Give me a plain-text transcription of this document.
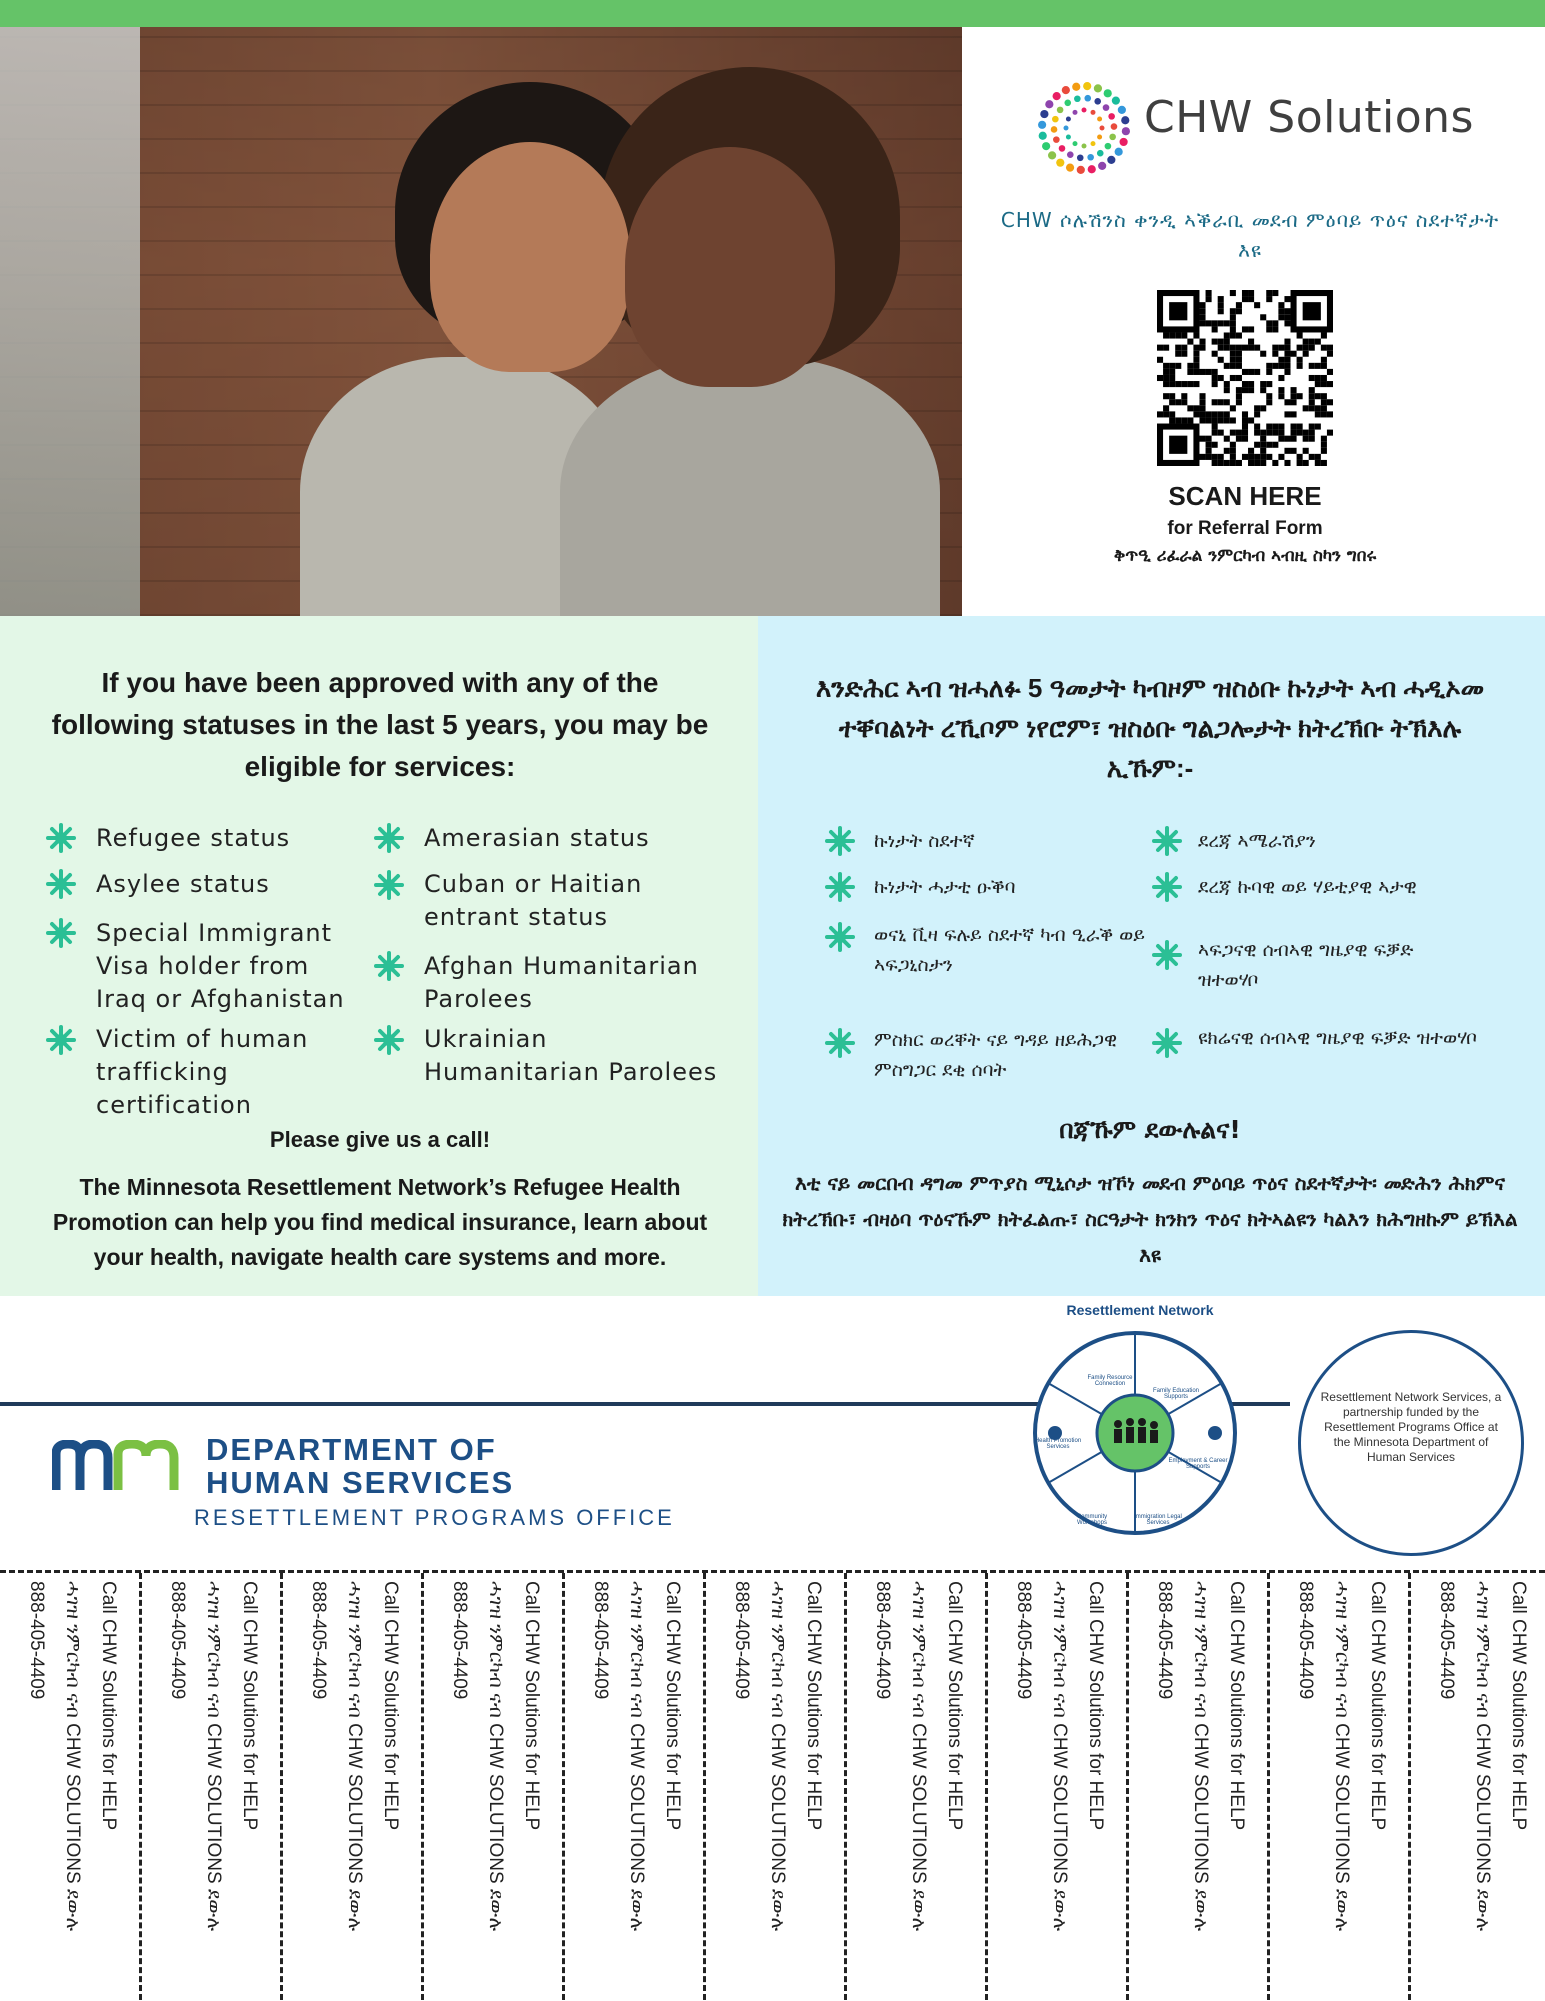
CHW Solutions
CHW ሶሉሽንስ ቀንዲ ኣቕራቢ መደብ ምዕባይ ጥዕና ስደተኛታት እዩ
SCAN HERE
for Referral Form
ቅጥዒ ሪፈራል ንምርካብ ኣብዚ ስካን ግበሩ
If you have been approved with any of the following statuses in the last 5 years, you may be eligible for services:
እንድሕር ኣብ ዝሓለፉ 5 ዓመታት ካብዞም ዝስዕቡ ኩነታት ኣብ ሓዲኦመ ተቐባልነት ረኺቦም ነየሮም፣ ዝስዕቡ ግልጋሎታት ክትረኽቡ ትኽእሉ ኢኹም:-
Refugee status
Asylee status
Special Immigrant Visa holder from Iraq or Afghanistan
Victim of human trafficking certification
Amerasian status
Cuban or Haitian entrant status
Afghan Humanitarian Parolees
Ukrainian Humanitarian Parolees
ኩነታት ስደተኛ
ኩነታት ሓታቲ ዑቕባ
ወናኒ ቪዛ ፍሉይ ስደተኛ ካብ ዒራቕ ወይ ኣፍጋኒስታን
ምስክር ወረቐት ናይ ግዳይ ዘይሕጋዊ ምስግጋር ደቂ ሰባት
ደረጃ ኣሜራሽያን
ደረጃ ኩባዊ ወይ ሃይቲያዊ ኣታዊ
ኣፍጋናዊ ሰብኣዊ ግዜያዊ ፍቓድ ዝተወሃቦ
ዩክሬናዊ ሰብኣዊ ግዜያዊ ፍቓድ ዝተወሃቦ
Please give us a call!
The Minnesota Resettlement Network’s Refugee Health Promotion can help you find medical insurance, learn about your health, navigate health care systems and more.
በጃኹም ደውሉልና!
እቲ ናይ መርበብ ዳግመ ምጥያስ ሚኒሶታ ዝኾነ መደብ ምዕባይ ጥዕና ስደተኛታት፡ መድሕን ሕክምና ክትረኽቡ፣ ብዛዕባ ጥዕናኹም ክትፈልጡ፣ ስርዓታት ክንክን ጥዕና ክትኣልዩን ካልእን ክሕግዘኩም ይኽእል እዩ
DEPARTMENT OF
HUMAN SERVICES
RESETTLEMENT PROGRAMS OFFICE
Resettlement Network
Family Resource Connection
Family Education Supports
Employment & Career Supports
Immigration Legal Services
Community Workshops
Health Promotion Services
Resettlement Network Services, a partnership funded by the Resettlement Programs Office at the Minnesota Department of Human Services
Call CHW Solutions for HELP
ሓገዝ ንምርካብ ናብ CHW SOLUTIONS ደውሉ
888-405-4409	Call CHW Solutions for HELP
ሓገዝ ንምርካብ ናብ CHW SOLUTIONS ደውሉ
888-405-4409	Call CHW Solutions for HELP
ሓገዝ ንምርካብ ናብ CHW SOLUTIONS ደውሉ
888-405-4409	Call CHW Solutions for HELP
ሓገዝ ንምርካብ ናብ CHW SOLUTIONS ደውሉ
888-405-4409	Call CHW Solutions for HELP
ሓገዝ ንምርካብ ናብ CHW SOLUTIONS ደውሉ
888-405-4409	Call CHW Solutions for HELP
ሓገዝ ንምርካብ ናብ CHW SOLUTIONS ደውሉ
888-405-4409	Call CHW Solutions for HELP
ሓገዝ ንምርካብ ናብ CHW SOLUTIONS ደውሉ
888-405-4409	Call CHW Solutions for HELP
ሓገዝ ንምርካብ ናብ CHW SOLUTIONS ደውሉ
888-405-4409	Call CHW Solutions for HELP
ሓገዝ ንምርካብ ናብ CHW SOLUTIONS ደውሉ
888-405-4409	Call CHW Solutions for HELP
ሓገዝ ንምርካብ ናብ CHW SOLUTIONS ደውሉ
888-405-4409	Call CHW Solutions for HELP
ሓገዝ ንምርካብ ናብ CHW SOLUTIONS ደውሉ
888-405-4409
